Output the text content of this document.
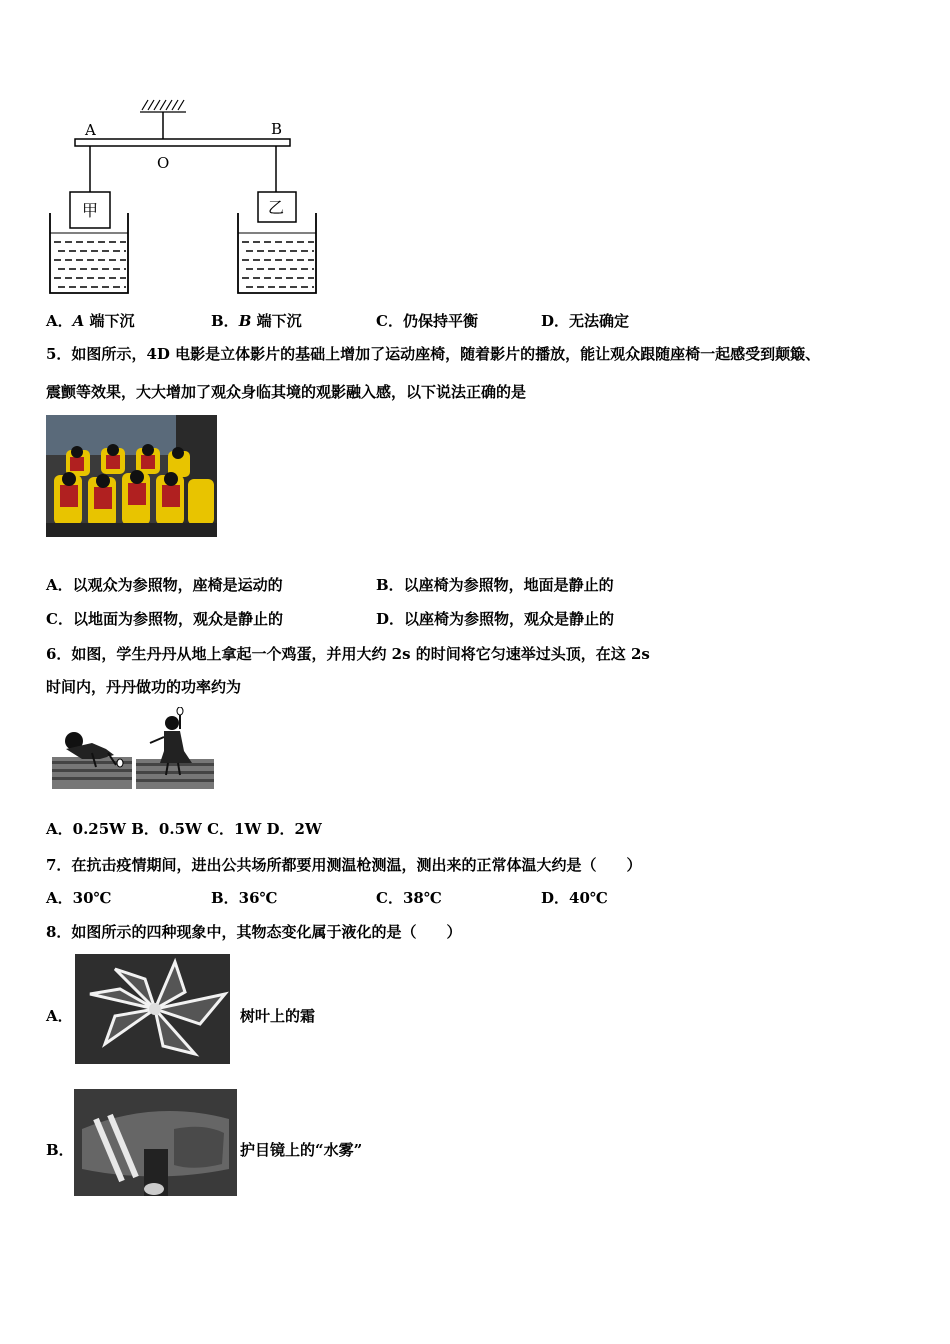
A	B
O
甲	乙
A．A 端下沉	B．B 端下沉	C．仍保持平衡	D．无法确定
5．如图所示，4D 电影是立体影片的基础上增加了运动座椅，随着影片的播放，能让观众跟随座椅一起感受到颠簸、
震颤等效果，大大增加了观众身临其境的观影融入感，以下说法正确的是
A．以观众为参照物，座椅是运动的	B．以座椅为参照物，地面是静止的
C．以地面为参照物，观众是静止的	D．以座椅为参照物，观众是静止的
6．如图，学生丹丹从地上拿起一个鸡蛋，并用大约 2s 的时间将它匀速举过头顶，在这 2s
时间内，丹丹做功的功率约为
A．0.25W B．0.5W C．1W D．2W
7．在抗击疫情期间，进出公共场所都要用测温枪测温，测出来的正常体温大约是（　　）
A．30℃	B．36℃	C．38℃	D．40℃
8．如图所示的四种现象中，其物态变化属于液化的是（　　）
A．	树叶上的霜
B．	护目镜上的“水雾”
